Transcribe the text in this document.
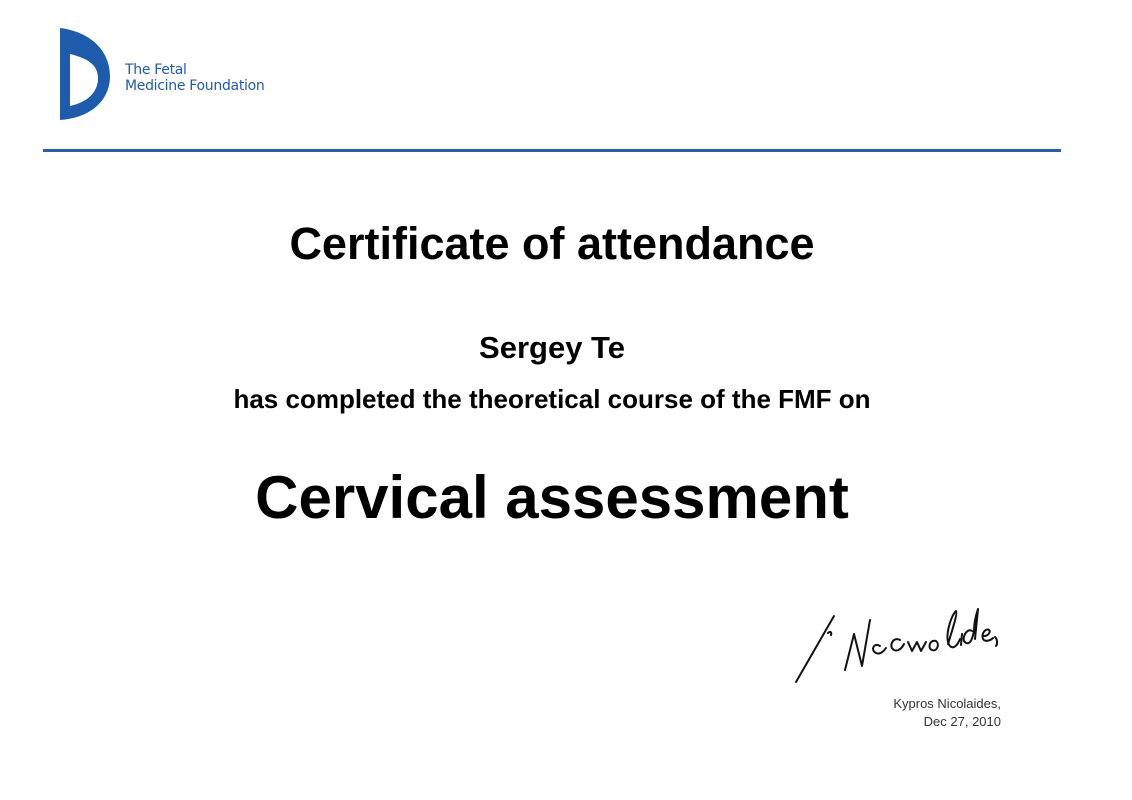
The Fetal
Medicine Foundation
Certificate of attendance
Sergey Te
has completed the theoretical course of the FMF on
Cervical assessment
Kypros Nicolaides,
Dec 27, 2010
